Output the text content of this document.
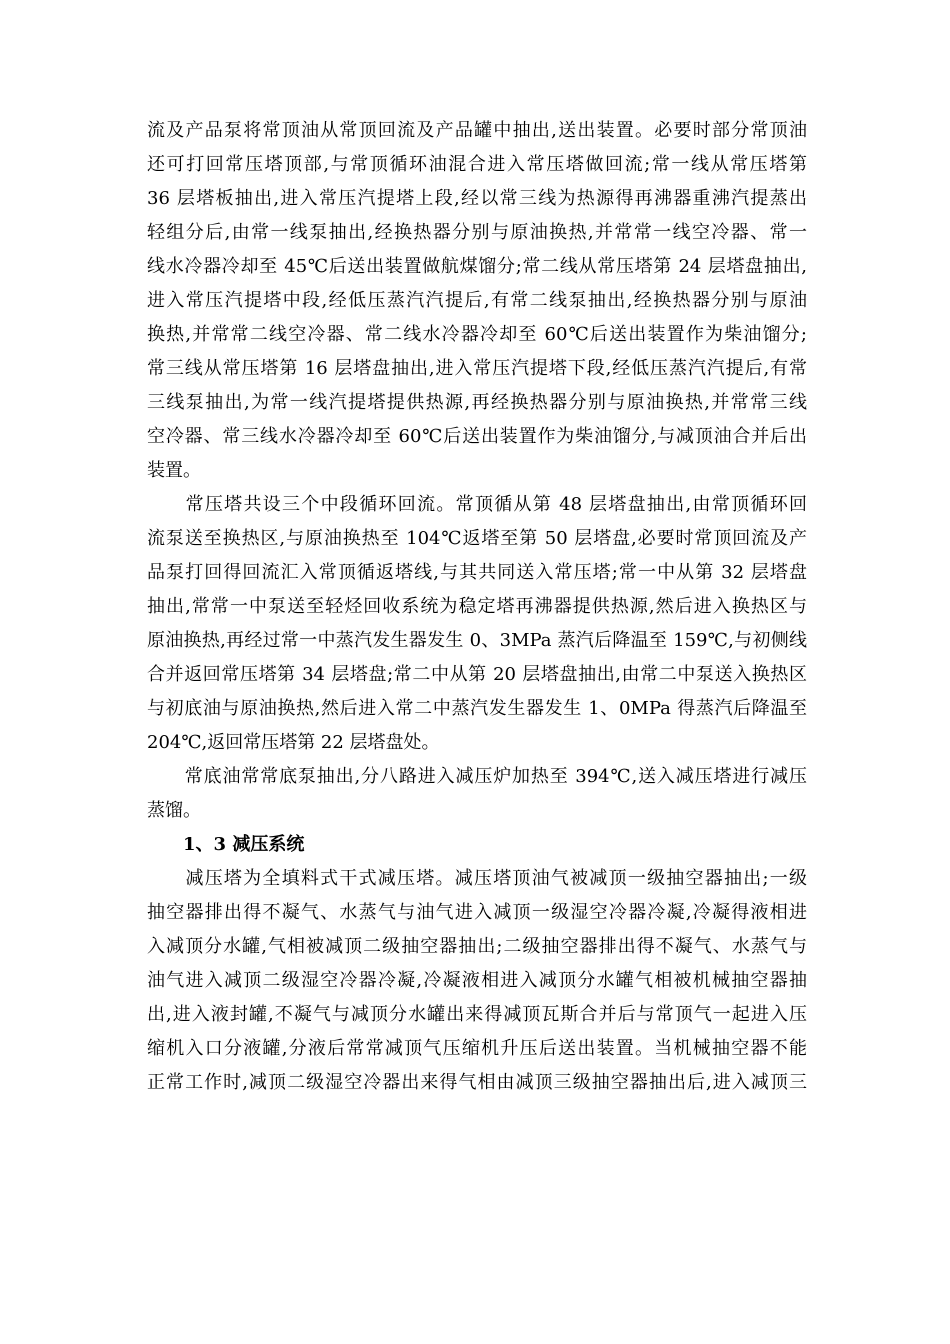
流及产品泵将常顶油从常顶回流及产品罐中抽出,送出装置。必要时部分常顶油
还可打回常压塔顶部,与常顶循环油混合进入常压塔做回流;常一线从常压塔第
36 层塔板抽出,进入常压汽提塔上段,经以常三线为热源得再沸器重沸汽提蒸出
轻组分后,由常一线泵抽出,经换热器分别与原油换热,并常常一线空冷器、常一
线水冷器冷却至 45℃后送出装置做航煤馏分;常二线从常压塔第 24 层塔盘抽出,
进入常压汽提塔中段,经低压蒸汽汽提后,有常二线泵抽出,经换热器分别与原油
换热,并常常二线空冷器、常二线水冷器冷却至 60℃后送出装置作为柴油馏分;
常三线从常压塔第 16 层塔盘抽出,进入常压汽提塔下段,经低压蒸汽汽提后,有常
三线泵抽出,为常一线汽提塔提供热源,再经换热器分别与原油换热,并常常三线
空冷器、常三线水冷器冷却至 60℃后送出装置作为柴油馏分,与减顶油合并后出
装置。
　　常压塔共设三个中段循环回流。常顶循从第 48 层塔盘抽出,由常顶循环回
流泵送至换热区,与原油换热至 104℃返塔至第 50 层塔盘,必要时常顶回流及产
品泵打回得回流汇入常顶循返塔线,与其共同送入常压塔;常一中从第 32 层塔盘
抽出,常常一中泵送至轻烃回收系统为稳定塔再沸器提供热源,然后进入换热区与
原油换热,再经过常一中蒸汽发生器发生 0、3MPa 蒸汽后降温至 159℃,与初侧线
合并返回常压塔第 34 层塔盘;常二中从第 20 层塔盘抽出,由常二中泵送入换热区
与初底油与原油换热,然后进入常二中蒸汽发生器发生 1、0MPa 得蒸汽后降温至
204℃,返回常压塔第 22 层塔盘处。
　　常底油常常底泵抽出,分八路进入减压炉加热至 394℃,送入减压塔进行减压
蒸馏。
1、3 减压系统
　　减压塔为全填料式干式减压塔。减压塔顶油气被减顶一级抽空器抽出;一级
抽空器排出得不凝气、水蒸气与油气进入减顶一级湿空冷器冷凝,冷凝得液相进
入减顶分水罐,气相被减顶二级抽空器抽出;二级抽空器排出得不凝气、水蒸气与
油气进入减顶二级湿空冷器冷凝,冷凝液相进入减顶分水罐气相被机械抽空器抽
出,进入液封罐,不凝气与减顶分水罐出来得减顶瓦斯合并后与常顶气一起进入压
缩机入口分液罐,分液后常常减顶气压缩机升压后送出装置。当机械抽空器不能
正常工作时,减顶二级湿空冷器出来得气相由减顶三级抽空器抽出后,进入减顶三
